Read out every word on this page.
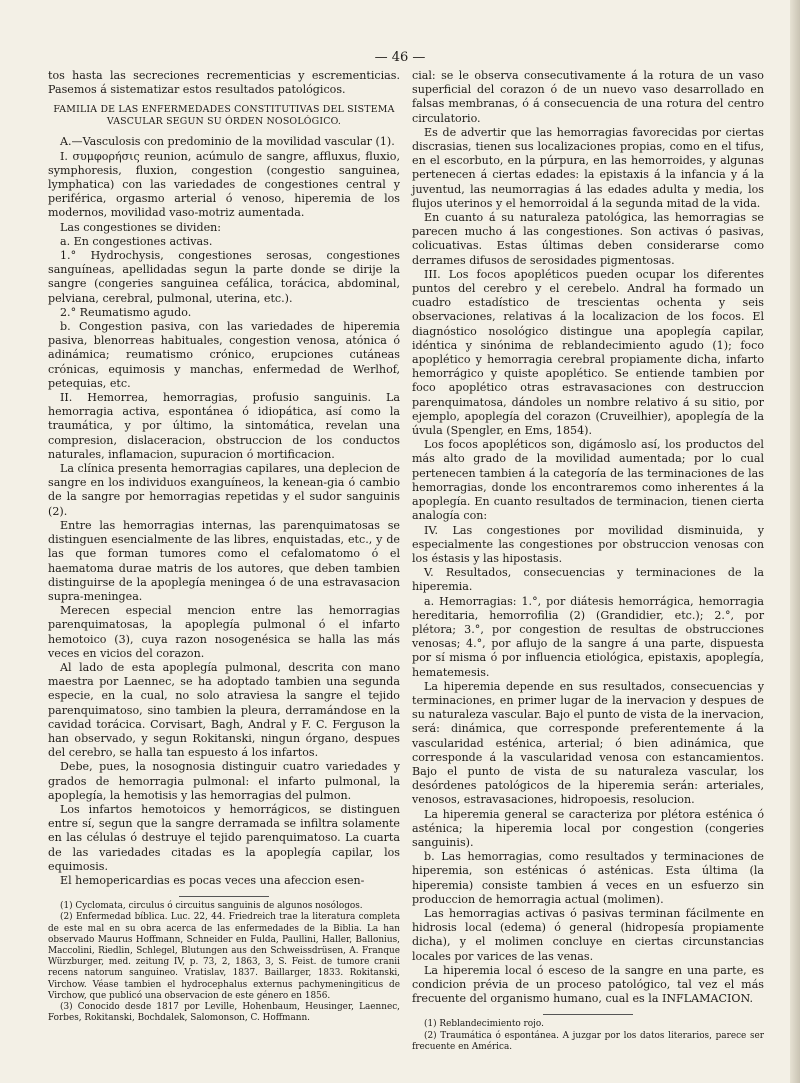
— 46 —

tos hasta las secreciones recrementicias y escrementicias. Pasemos á sistematizar estos resultados patológicos.

FAMILIA DE LAS ENFERMEDADES CONSTITUTIVAS DEL SISTEMA
VASCULAR SEGUN SU ÓRDEN NOSOLÓGICO.

A.—Vasculosis con predominio de la movilidad vascular (1).

I. συμφορήσις reunion, acúmulo de sangre, affluxus, fluxio, symphoresis, fluxion, congestion (congestio sanguinea, lymphatica) con las variedades de congestiones central y periférica, orgasmo arterial ó venoso, hiperemia de los modernos, movilidad vaso-motriz aumentada.

Las congestiones se dividen:

a. En congestiones activas.

1.° Hydrochysis, congestiones serosas, congestiones sanguíneas, apellidadas segun la parte donde se dirije la sangre (congeries sanguinea cefálica, torácica, abdominal, pelviana, cerebral, pulmonal, uterina, etc.).

2.° Reumatismo agudo.

b. Congestion pasiva, con las variedades de hiperemia pasiva, blenorreas habituales, congestion venosa, atónica ó adinámica; reumatismo crónico, erupciones cutáneas crónicas, equimosis y manchas, enfermedad de Werlhof, petequias, etc.

II. Hemorrea, hemorragias, profusio sanguinis. La hemorragia activa, espontánea ó idiopática, así como la traumática, y por último, la sintomática, revelan una compresion, dislaceracion, obstruccion de los conductos naturales, inflamacion, supuracion ó mortificacion.

La clínica presenta hemorragias capilares, una deplecion de sangre en los individuos exanguíneos, la kenean-gia ó cambio de la sangre por hemorragias repetidas y el sudor sanguinis (2).

Entre las hemorragias internas, las parenquimatosas se distinguen esencialmente de las libres, enquistadas, etc., y de las que forman tumores como el cefalomatomo ó el haematoma durae matris de los autores, que deben tambien distinguirse de la apoplegía meningea ó de una estravasacion supra-meningea.

Merecen especial mencion entre las hemorragias parenquimatosas, la apoplegía pulmonal ó el infarto hemotoico (3), cuya razon nosogenésica se halla las más veces en vicios del corazon.

Al lado de esta apoplegía pulmonal, descrita con mano maestra por Laennec, se ha adoptado tambien una segunda especie, en la cual, no solo atraviesa la sangre el tejido parenquimatoso, sino tambien la pleura, derramándose en la cavidad torácica. Corvisart, Bagh, Andral y F. C. Ferguson la han observado, y segun Rokitanski, ningun órgano, despues del cerebro, se halla tan espuesto á los infartos.

Debe, pues, la nosognosia distinguir cuatro variedades y grados de hemorragia pulmonal: el infarto pulmonal, la apoplegía, la hemotisis y las hemorragias del pulmon.

Los infartos hemotoicos y hemorrágicos, se distinguen entre sí, segun que la sangre derramada se infiltra solamente en las células ó destruye el tejido parenquimatoso. La cuarta de las variedades citadas es la apoplegía capilar, los equimosis.

El hemopericardias es pocas veces una afeccion esen-

(1) Cyclomata, circulus ó circuitus sanguinis de algunos nosólogos.

(2) Enfermedad bíblica. Luc. 22, 44. Friedreich trae la literatura completa de este mal en su obra acerca de las enfermedades de la Biblia. La han observado Maurus Hoffmann, Schneider en Fulda, Paullini, Haller, Ballonius, Maccolini, Riedlin, Schlegel, Blutungen aus den Schweissdrüsen, A. Franque Würzburger, med. zeitung IV, p. 73, 2, 1863, 3, S. Feist. de tumore cranii recens natorum sanguineo. Vratislav, 1837. Baillarger, 1833. Rokitanski, Virchow. Véase tambien el hydrocephalus externus pachymeningiticus de Virchow, que publicó una observacion de este género en 1856.

(3) Conocido desde 1817 por Leville, Hohenbaum, Heusinger, Laennec, Forbes, Rokitanski, Bochdalek, Salomonson, C. Hoffmann.

cial: se le observa consecutivamente á la rotura de un vaso superficial del corazon ó de un nuevo vaso desarrollado en falsas membranas, ó á consecuencia de una rotura del centro circulatorio.

Es de advertir que las hemorragias favorecidas por ciertas discrasias, tienen sus localizaciones propias, como en el tifus, en el escorbuto, en la púrpura, en las hemorroides, y algunas pertenecen á ciertas edades: la epistaxis á la infancia y á la juventud, las neumorragias á las edades adulta y media, los flujos uterinos y el hemorroidal á la segunda mitad de la vida.

En cuanto á su naturaleza patológica, las hemorragias se parecen mucho á las congestiones. Son activas ó pasivas, colicuativas. Estas últimas deben considerarse como derrames difusos de serosidades pigmentosas.

III. Los focos apopléticos pueden ocupar los diferentes puntos del cerebro y el cerebelo. Andral ha formado un cuadro estadístico de trescientas ochenta y seis observaciones, relativas á la localizacion de los focos. El diagnóstico nosológico distingue una apoplegía capilar, idéntica y sinónima de reblandecimiento agudo (1); foco apoplético y hemorragia cerebral propiamente dicha, infarto hemorrágico y quiste apoplético. Se entiende tambien por foco apoplético otras estravasaciones con destruccion parenquimatosa, dándoles un nombre relativo á su sitio, por ejemplo, apoplegía del corazon (Cruveilhier), apoplegía de la úvula (Spengler, en Ems, 1854).

Los focos apopléticos son, digámoslo así, los productos del más alto grado de la movilidad aumentada; por lo cual pertenecen tambien á la categoría de las terminaciones de las hemorragias, donde los encontraremos como inherentes á la apoplegía. En cuanto resultados de terminacion, tienen cierta analogía con:

IV. Las congestiones por movilidad disminuida, y especialmente las congestiones por obstruccion venosas con los éstasis y las hipostasis.

V. Resultados, consecuencias y terminaciones de la hiperemia.

a. Hemorragias: 1.°, por diátesis hemorrágica, hemorragia hereditaria, hemorrofilia (2) (Grandidier, etc.); 2.°, por plétora; 3.°, por congestion de resultas de obstrucciones venosas; 4.°, por aflujo de la sangre á una parte, dispuesta por sí misma ó por influencia etiológica, epistaxis, apoplegía, hematemesis.

La hiperemia depende en sus resultados, consecuencias y terminaciones, en primer lugar de la inervacion y despues de su naturaleza vascular. Bajo el punto de vista de la inervacion, será: dinámica, que corresponde preferentemente á la vascularidad esténica, arterial; ó bien adinámica, que corresponde á la vascularidad venosa con estancamientos. Bajo el punto de vista de su naturaleza vascular, los desórdenes patológicos de la hiperemia serán: arteriales, venosos, estravasaciones, hidropoesis, resolucion.

La hiperemia general se caracteriza por plétora esténica ó asténica; la hiperemia local por congestion (congeries sanguinis).

b. Las hemorragias, como resultados y terminaciones de hiperemia, son esténicas ó asténicas. Esta última (la hiperemia) consiste tambien á veces en un esfuerzo sin produccion de hemorragia actual (molimen).

Las hemorragias activas ó pasivas terminan fácilmente en hidrosis local (edema) ó general (hidropesía propiamente dicha), y el molimen concluye en ciertas circunstancias locales por varices de las venas.

La hiperemia local ó esceso de la sangre en una parte, es condicion prévia de un proceso patológico, tal vez el más frecuente del organismo humano, cual es la INFLAMACION.

(1) Reblandecimiento rojo.

(2) Traumática ó espontánea. A juzgar por los datos literarios, parece ser frecuente en América.
